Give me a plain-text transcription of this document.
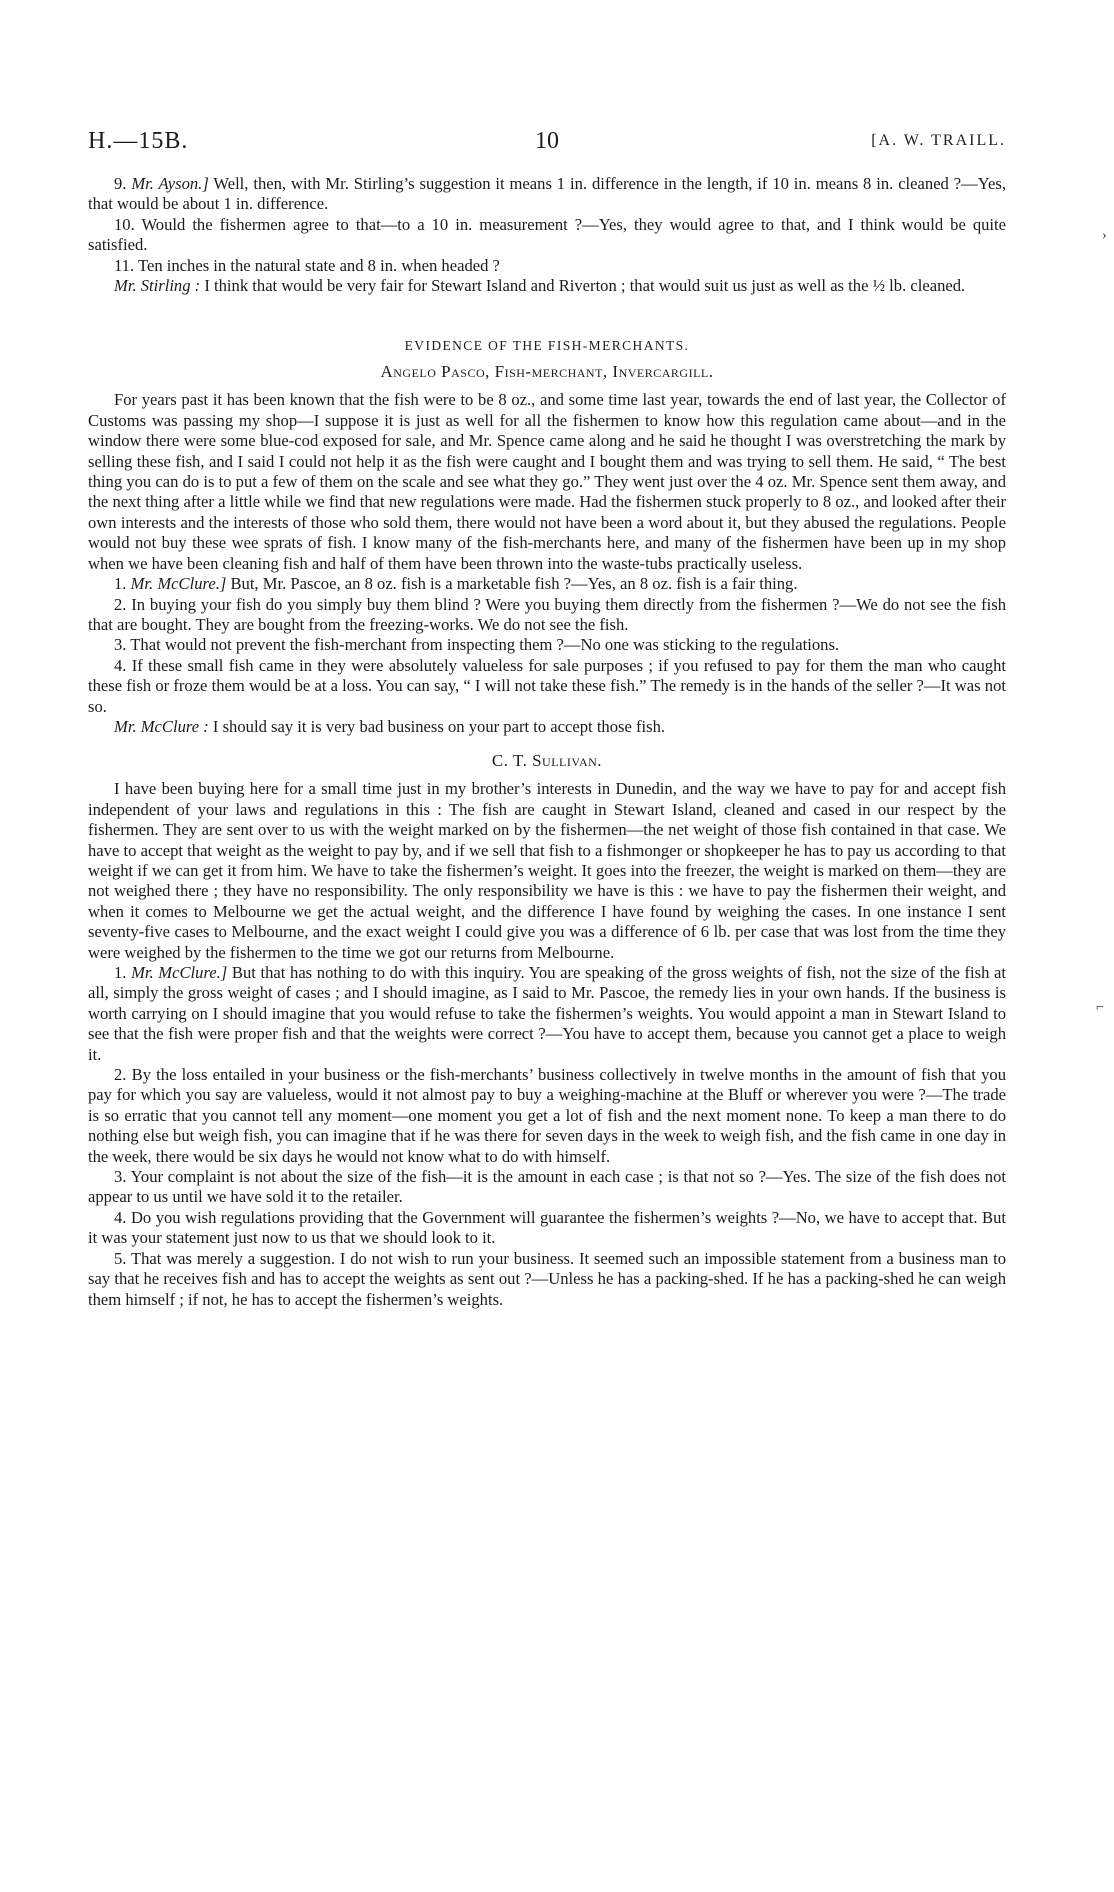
›
⌐
H.—15B.	10	[A. W. TRAILL.

9. Mr. Ayson.] Well, then, with Mr. Stirling’s suggestion it means 1 in. difference in the length, if 10 in. means 8 in. cleaned ?—Yes, that would be about 1 in. difference.

10. Would the fishermen agree to that—to a 10 in. measurement ?—Yes, they would agree to that, and I think would be quite satisfied.

11. Ten inches in the natural state and 8 in. when headed ?

Mr. Stirling : I think that would be very fair for Stewart Island and Riverton ; that would suit us just as well as the ½ lb. cleaned.

EVIDENCE OF THE FISH-MERCHANTS.
Angelo Pasco, Fish-merchant, Invercargill.

For years past it has been known that the fish were to be 8 oz., and some time last year, towards the end of last year, the Collector of Customs was passing my shop—I suppose it is just as well for all the fishermen to know how this regulation came about—and in the window there were some blue-cod exposed for sale, and Mr. Spence came along and he said he thought I was overstretching the mark by selling these fish, and I said I could not help it as the fish were caught and I bought them and was trying to sell them. He said, “ The best thing you can do is to put a few of them on the scale and see what they go.” They went just over the 4 oz. Mr. Spence sent them away, and the next thing after a little while we find that new regulations were made. Had the fishermen stuck properly to 8 oz., and looked after their own interests and the interests of those who sold them, there would not have been a word about it, but they abused the regulations. People would not buy these wee sprats of fish. I know many of the fish-merchants here, and many of the fishermen have been up in my shop when we have been cleaning fish and half of them have been thrown into the waste-tubs practically useless.

1. Mr. McClure.] But, Mr. Pascoe, an 8 oz. fish is a marketable fish ?—Yes, an 8 oz. fish is a fair thing.

2. In buying your fish do you simply buy them blind ? Were you buying them directly from the fishermen ?—We do not see the fish that are bought. They are bought from the freezing-works. We do not see the fish.

3. That would not prevent the fish-merchant from inspecting them ?—No one was sticking to the regulations.

4. If these small fish came in they were absolutely valueless for sale purposes ; if you refused to pay for them the man who caught these fish or froze them would be at a loss. You can say, “ I will not take these fish.” The remedy is in the hands of the seller ?—It was not so.

Mr. McClure : I should say it is very bad business on your part to accept those fish.

C. T. Sullivan.

I have been buying here for a small time just in my brother’s interests in Dunedin, and the way we have to pay for and accept fish independent of your laws and regulations in this : The fish are caught in Stewart Island, cleaned and cased in our respect by the fishermen. They are sent over to us with the weight marked on by the fishermen—the net weight of those fish contained in that case. We have to accept that weight as the weight to pay by, and if we sell that fish to a fishmonger or shopkeeper he has to pay us according to that weight if we can get it from him. We have to take the fishermen’s weight. It goes into the freezer, the weight is marked on them—they are not weighed there ; they have no responsibility. The only responsibility we have is this : we have to pay the fishermen their weight, and when it comes to Melbourne we get the actual weight, and the difference I have found by weighing the cases. In one instance I sent seventy-five cases to Melbourne, and the exact weight I could give you was a difference of 6 lb. per case that was lost from the time they were weighed by the fishermen to the time we got our returns from Melbourne.

1. Mr. McClure.] But that has nothing to do with this inquiry. You are speaking of the gross weights of fish, not the size of the fish at all, simply the gross weight of cases ; and I should imagine, as I said to Mr. Pascoe, the remedy lies in your own hands. If the business is worth carrying on I should imagine that you would refuse to take the fishermen’s weights. You would appoint a man in Stewart Island to see that the fish were proper fish and that the weights were correct ?—You have to accept them, because you cannot get a place to weigh it.

2. By the loss entailed in your business or the fish-merchants’ business collectively in twelve months in the amount of fish that you pay for which you say are valueless, would it not almost pay to buy a weighing-machine at the Bluff or wherever you were ?—The trade is so erratic that you cannot tell any moment—one moment you get a lot of fish and the next moment none. To keep a man there to do nothing else but weigh fish, you can imagine that if he was there for seven days in the week to weigh fish, and the fish came in one day in the week, there would be six days he would not know what to do with himself.

3. Your complaint is not about the size of the fish—it is the amount in each case ; is that not so ?—Yes. The size of the fish does not appear to us until we have sold it to the retailer.

4. Do you wish regulations providing that the Government will guarantee the fishermen’s weights ?—No, we have to accept that. But it was your statement just now to us that we should look to it.

5. That was merely a suggestion. I do not wish to run your business. It seemed such an impossible statement from a business man to say that he receives fish and has to accept the weights as sent out ?—Unless he has a packing-shed. If he has a packing-shed he can weigh them himself ; if not, he has to accept the fishermen’s weights.
